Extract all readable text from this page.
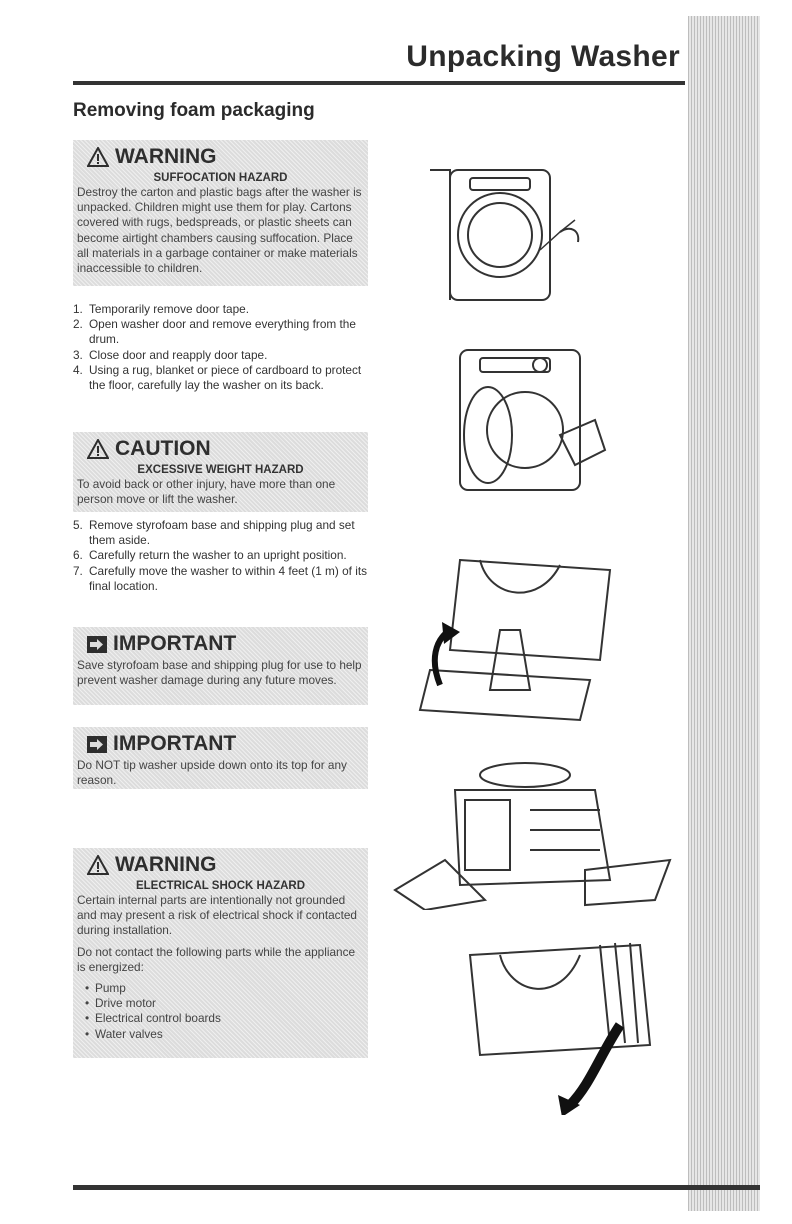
Unpacking Washer
Removing foam packaging
WARNING
SUFFOCATION HAZARD

Destroy the carton and plastic bags after the washer is unpacked. Children might use them for play. Cartons covered with rugs, bedspreads, or plastic sheets can become airtight chambers causing suffocation. Place all materials in a garbage container or make materials inaccessible to children.

1. Temporarily remove door tape.
2. Open washer door and remove everything from the drum.
3. Close door and reapply door tape.
4. Using a rug, blanket or piece of cardboard to protect the floor, carefully lay the washer on its back.
CAUTION
EXCESSIVE WEIGHT HAZARD

To avoid back or other injury, have more than one person move or lift the washer.

5. Remove styrofoam base and shipping plug and set them aside.
6. Carefully return the washer to an upright position.
7. Carefully move the washer to within 4 feet (1 m) of its final location.
IMPORTANT

Save styrofoam base and shipping plug for use to help prevent washer damage during any future moves.

IMPORTANT

Do NOT tip washer upside down onto its top for any reason.

WARNING
ELECTRICAL SHOCK HAZARD

Certain internal parts are intentionally not grounded and may present a risk of electrical shock if contacted during installation.

Do not contact the following parts while the appliance is energized:

• Pump
• Drive motor
• Electrical control boards
• Water valves
